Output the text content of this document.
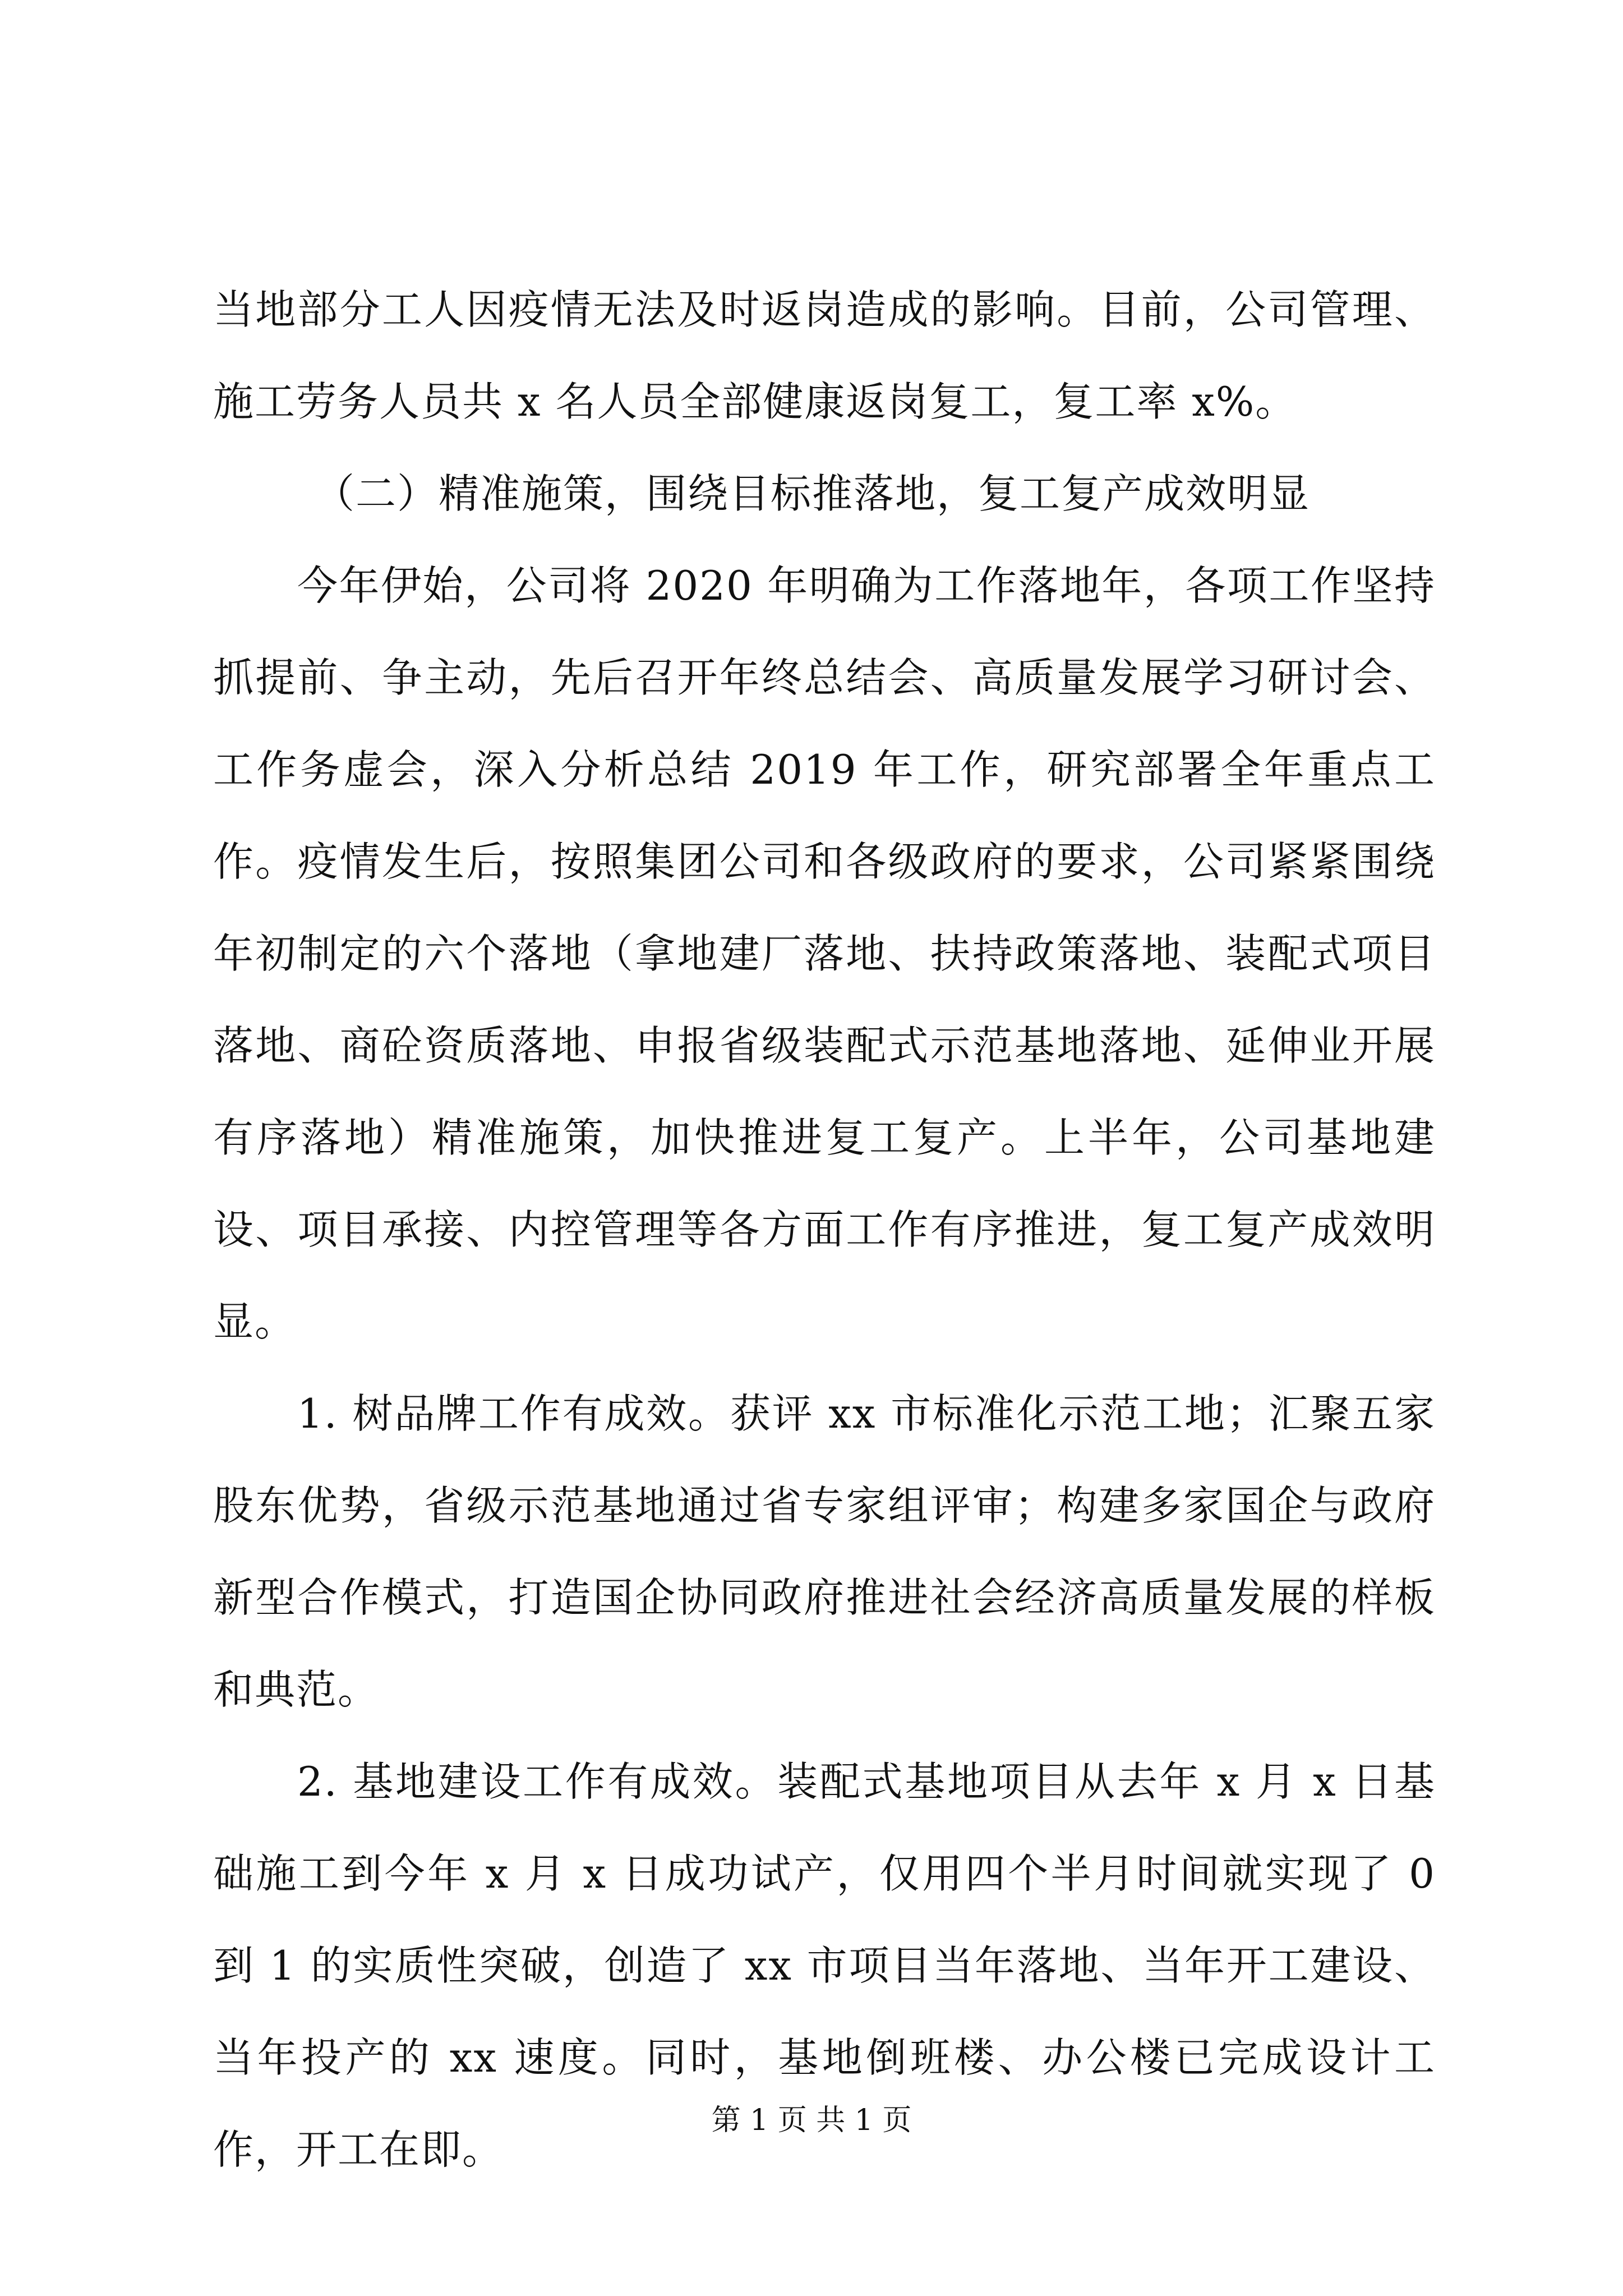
当地部分工人因疫情无法及时返岗造成的影响。目前，公司管理、施工劳务人员共 x 名人员全部健康返岗复工，复工率 x%。

（二）精准施策，围绕目标推落地，复工复产成效明显

今年伊始，公司将 2020 年明确为工作落地年，各项工作坚持抓提前、争主动，先后召开年终总结会、高质量发展学习研讨会、工作务虚会，深入分析总结 2019 年工作，研究部署全年重点工作。疫情发生后，按照集团公司和各级政府的要求，公司紧紧围绕年初制定的六个落地（拿地建厂落地、扶持政策落地、装配式项目落地、商砼资质落地、申报省级装配式示范基地落地、延伸业开展有序落地）精准施策，加快推进复工复产。上半年，公司基地建设、项目承接、内控管理等各方面工作有序推进，复工复产成效明显。

1. 树品牌工作有成效。获评 xx 市标准化示范工地；汇聚五家股东优势，省级示范基地通过省专家组评审；构建多家国企与政府新型合作模式，打造国企协同政府推进社会经济高质量发展的样板和典范。

2. 基地建设工作有成效。装配式基地项目从去年 x 月 x 日基础施工到今年 x 月 x 日成功试产，仅用四个半月时间就实现了 0 到 1 的实质性突破，创造了 xx 市项目当年落地、当年开工建设、当年投产的 xx 速度。同时，基地倒班楼、办公楼已完成设计工作，开工在即。

第 1 页 共 1 页
